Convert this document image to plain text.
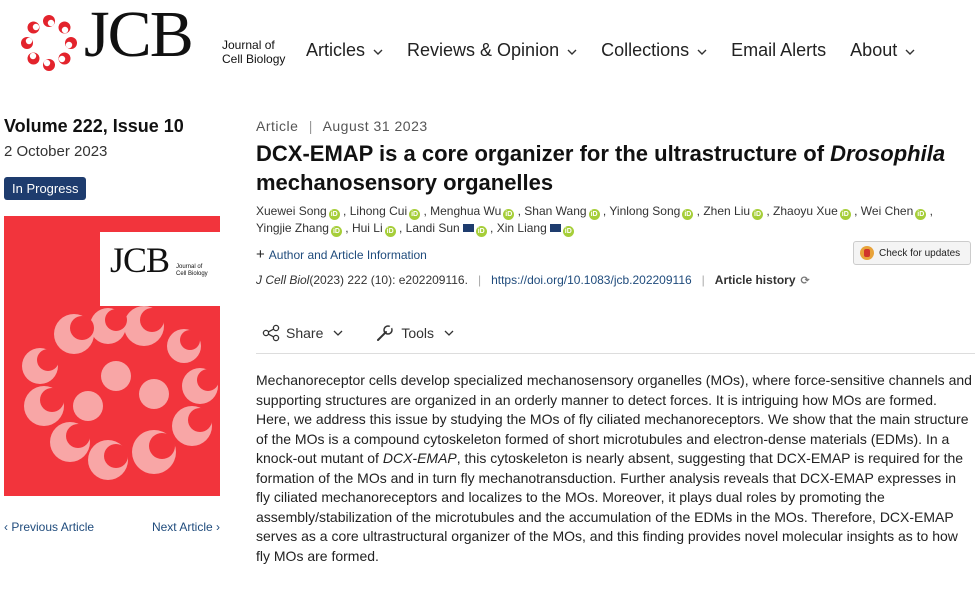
JCB	Journal of
Cell Biology Articles Reviews & Opinion Collections Email Alerts About
Volume 222, Issue 10
2 October 2023
In Progress
JCB Journal of
Cell Biology
‹ Previous Article	Next Article ›
Article | August 31 2023
DCX-EMAP is a core organizer for the ultrastructure of Drosophila mechanosensory organelles
Xuewei Song iD , Lihong Cui iD , Menghua Wu iD , Shan Wang iD , Yinlong Song iD , Zhen Liu iD , Zhaoyu Xue iD , Wei Chen iD , Yingjie Zhang iD , Hui Li iD , Landi Sun	iD , Xin Liang	iD
+ Author and Article Information	Check for updates
J Cell Biol (2023) 222 (10): e202209116. | https://doi.org/10.1083/jcb.202209116 | Article history ⟳
Share	Tools

Mechanoreceptor cells develop specialized mechanosensory organelles (MOs), where force-sensitive channels and supporting structures are organized in an orderly manner to detect forces. It is intriguing how MOs are formed. Here, we address this issue by studying the MOs of fly ciliated mechanoreceptors. We show that the main structure of the MOs is a compound cytoskeleton formed of short microtubules and electron-dense materials (EDMs). In a knock-out mutant of DCX-EMAP, this cytoskeleton is nearly absent, suggesting that DCX-EMAP is required for the formation of the MOs and in turn fly mechanotransduction. Further analysis reveals that DCX-EMAP expresses in fly ciliated mechanoreceptors and localizes to the MOs. Moreover, it plays dual roles by promoting the assembly/stabilization of the microtubules and the accumulation of the EDMs in the MOs. Therefore, DCX-EMAP serves as a core ultrastructural organizer of the MOs, and this finding provides novel molecular insights as to how fly MOs are formed.
